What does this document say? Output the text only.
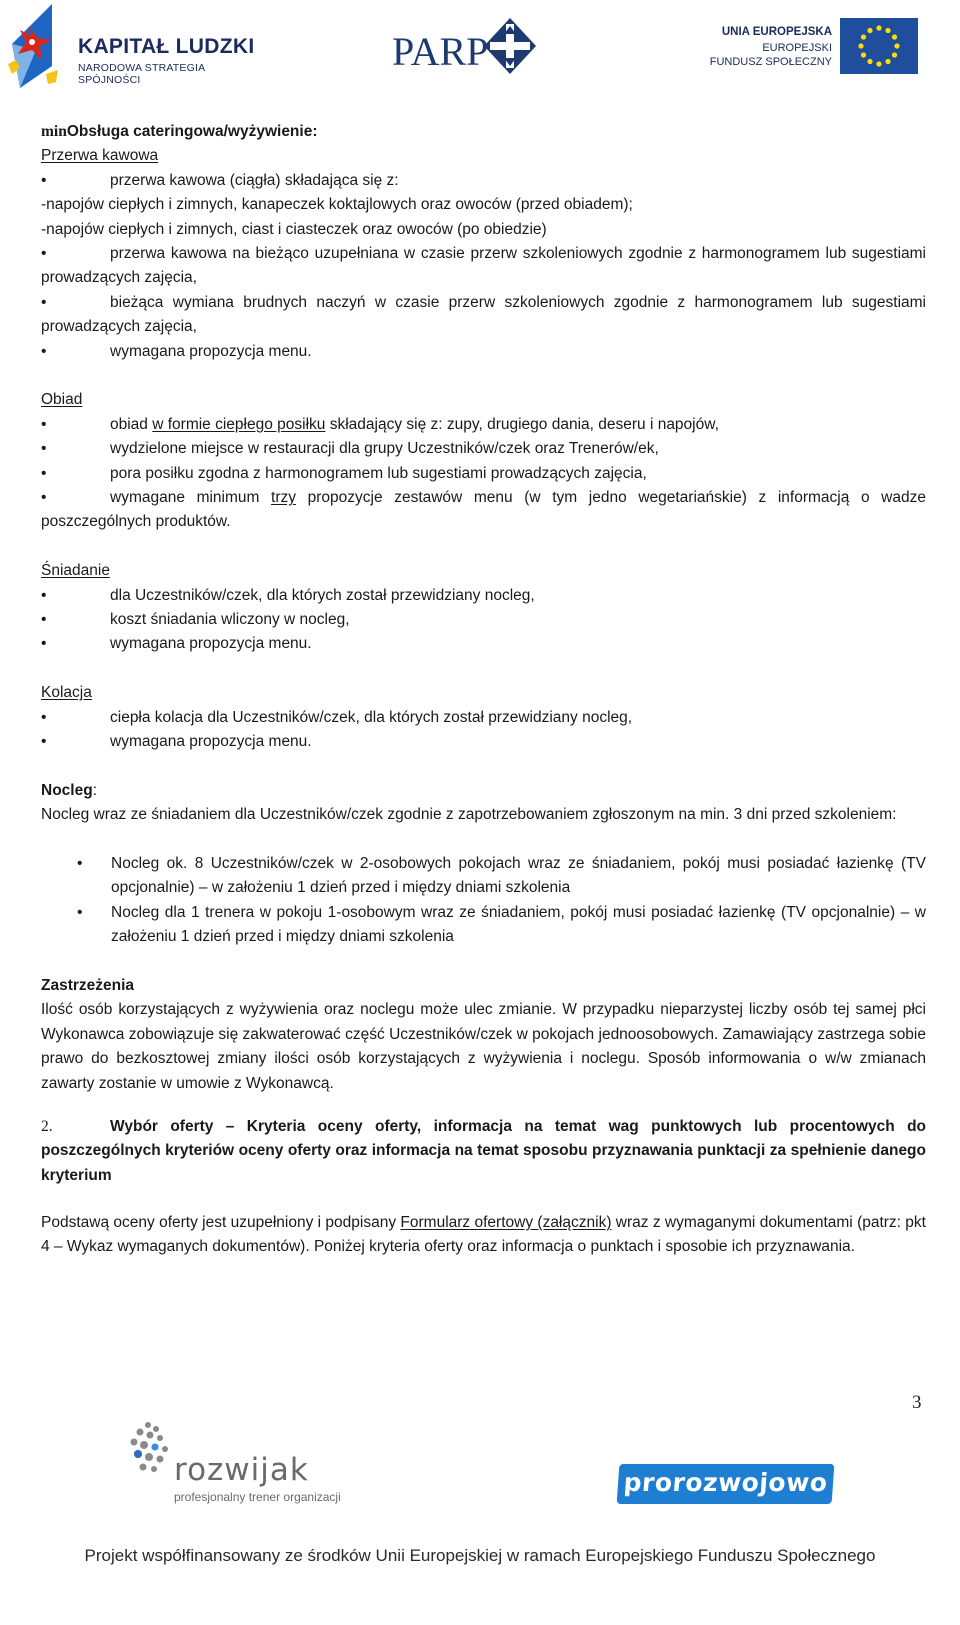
KAPITAŁ LUDZKI
NARODOWA STRATEGIA SPÓJNOŚCI
PARP	UNIA EUROPEJSKA
EUROPEJSKI
FUNDUSZ SPOŁECZNY
minObsługa cateringowa/wyżywienie:
Przerwa kawowa
•	przerwa kawowa (ciągła) składająca się z:
-napojów ciepłych i zimnych, kanapeczek koktajlowych oraz owoców (przed obiadem);
-napojów ciepłych i zimnych, ciast i ciasteczek oraz owoców (po obiedzie)
•	przerwa kawowa na bieżąco uzupełniana w czasie przerw szkoleniowych zgodnie z harmonogramem lub sugestiami prowadzących zajęcia,
•	bieżąca wymiana brudnych naczyń w czasie przerw szkoleniowych zgodnie z harmonogramem lub sugestiami prowadzących zajęcia,
•	wymagana propozycja menu.
Obiad
•	obiad w formie ciepłego posiłku składający się z: zupy, drugiego dania, deseru i napojów,
•	wydzielone miejsce w restauracji dla grupy Uczestników/czek oraz Trenerów/ek,
•	pora posiłku zgodna z harmonogramem lub sugestiami prowadzących zajęcia,
•	wymagane minimum trzy propozycje zestawów menu (w tym jedno wegetariańskie) z informacją o wadze poszczególnych produktów.
Śniadanie
•	dla Uczestników/czek, dla których został przewidziany nocleg,
•	koszt śniadania wliczony w nocleg,
•	wymagana propozycja menu.
Kolacja
•	ciepła kolacja dla Uczestników/czek, dla których został przewidziany nocleg,
•	wymagana propozycja menu.
Nocleg:
Nocleg wraz ze śniadaniem dla Uczestników/czek zgodnie z zapotrzebowaniem zgłoszonym na min. 3 dni przed szkoleniem:
• Nocleg ok. 8 Uczestników/czek w 2-osobowych pokojach wraz ze śniadaniem, pokój musi posiadać łazienkę (TV opcjonalnie) – w założeniu 1 dzień przed i między dniami szkolenia
• Nocleg dla 1 trenera w pokoju 1-osobowym wraz ze śniadaniem, pokój musi posiadać łazienkę (TV opcjonalnie) – w założeniu 1 dzień przed i między dniami szkolenia
Zastrzeżenia
Ilość osób korzystających z wyżywienia oraz noclegu może ulec zmianie. W przypadku nieparzystej liczby osób tej samej płci Wykonawca zobowiązuje się zakwaterować część Uczestników/czek w pokojach jednoosobowych. Zamawiający zastrzega sobie prawo do bezkosztowej zmiany ilości osób korzystających z wyżywienia i noclegu. Sposób informowania o w/w zmianach zawarty zostanie w umowie z Wykonawcą.
2.	Wybór oferty – Kryteria oceny oferty, informacja na temat wag punktowych lub procentowych do poszczególnych kryteriów oceny oferty oraz informacja na temat sposobu przyznawania punktacji za spełnienie danego kryterium
Podstawą oceny oferty jest uzupełniony i podpisany Formularz ofertowy (załącznik) wraz z wymaganymi dokumentami (patrz: pkt 4 – Wykaz wymaganych dokumentów). Poniżej kryteria oferty oraz informacja o punktach i sposobie ich przyznawania.
3
rozwijak
profesjonalny trener organizacji	prorozwojowo
Projekt współfinansowany ze środków Unii Europejskiej w ramach Europejskiego Funduszu Społecznego
